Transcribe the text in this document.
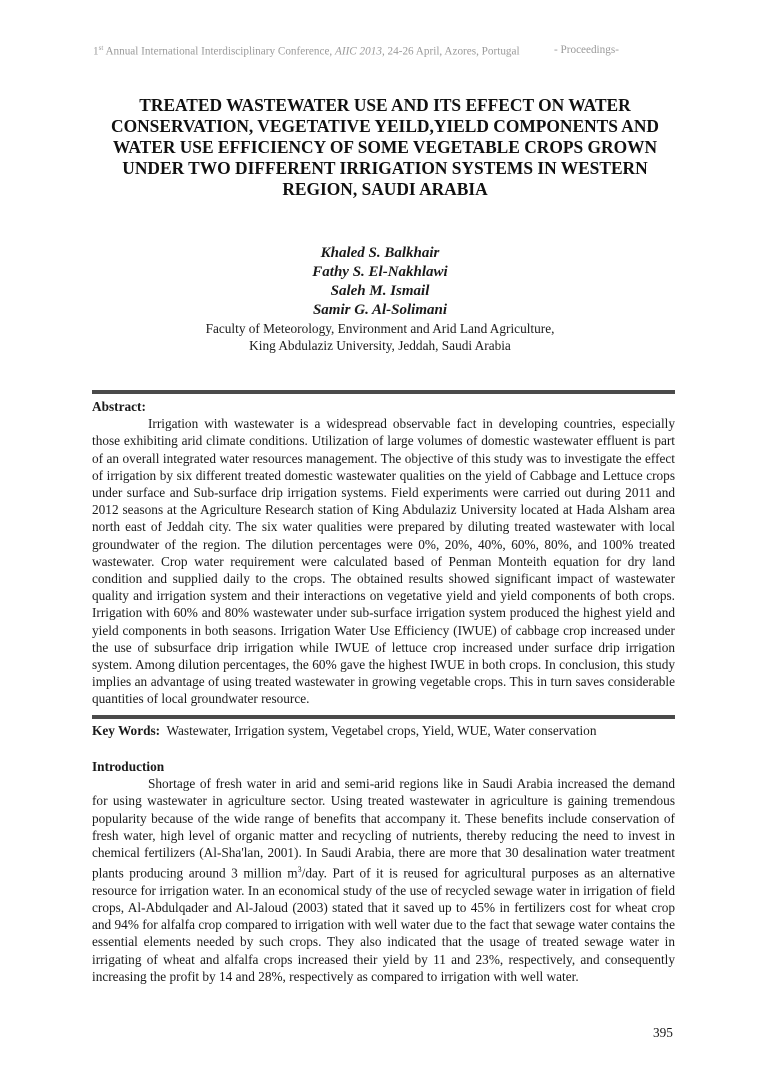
1st Annual International Interdisciplinary Conference, AIIC 2013, 24-26 April, Azores, Portugal	- Proceedings-
TREATED WASTEWATER USE AND ITS EFFECT ON WATER CONSERVATION, VEGETATIVE YEILD,YIELD COMPONENTS AND WATER USE EFFICIENCY OF SOME VEGETABLE CROPS GROWN UNDER TWO DIFFERENT IRRIGATION SYSTEMS IN WESTERN REGION, SAUDI ARABIA
Khaled S. Balkhair
Fathy S. El-Nakhlawi
Saleh M. Ismail
Samir G. Al-Solimani
Faculty of Meteorology, Environment and Arid Land Agriculture,
King Abdulaziz University, Jeddah, Saudi Arabia
Abstract:

Irrigation with wastewater is a widespread observable fact in developing countries, especially those exhibiting arid climate conditions. Utilization of large volumes of domestic wastewater effluent is part of an overall integrated water resources management. The objective of this study was to investigate the effect of irrigation by six different treated domestic wastewater qualities on the yield of Cabbage and Lettuce crops under surface and Sub-surface drip irrigation systems. Field experiments were carried out during 2011 and 2012 seasons at the Agriculture Research station of King Abdulaziz University located at Hada Alsham area north east of Jeddah city. The six water qualities were prepared by diluting treated wastewater with local groundwater of the region. The dilution percentages were 0%, 20%, 40%, 60%, 80%, and 100% treated wastewater. Crop water requirement were calculated based of Penman Monteith equation for dry land condition and supplied daily to the crops. The obtained results showed significant impact of wastewater quality and irrigation system and their interactions on vegetative yield and yield components of both crops. Irrigation with 60% and 80% wastewater under sub-surface irrigation system produced the highest yield and yield components in both seasons. Irrigation Water Use Efficiency (IWUE) of cabbage crop increased under the use of subsurface drip irrigation while IWUE of lettuce crop increased under surface drip irrigation system. Among dilution percentages, the 60% gave the highest IWUE in both crops. In conclusion, this study implies an advantage of using treated wastewater in growing vegetable crops. This in turn saves considerable quantities of local groundwater resource.

Key Words: Wastewater, Irrigation system, Vegetabel crops, Yield, WUE, Water conservation
Introduction

Shortage of fresh water in arid and semi-arid regions like in Saudi Arabia increased the demand for using wastewater in agriculture sector. Using treated wastewater in agriculture is gaining tremendous popularity because of the wide range of benefits that accompany it. These benefits include conservation of fresh water, high level of organic matter and recycling of nutrients, thereby reducing the need to invest in chemical fertilizers (Al-Sha'lan, 2001). In Saudi Arabia, there are more that 30 desalination water treatment plants producing around 3 million $m^3$/day. Part of it is reused for agricultural purposes as an alternative resource for irrigation water. In an economical study of the use of recycled sewage water in irrigation of field crops, Al-Abdulqader and Al-Jaloud (2003) stated that it saved up to 45% in fertilizers cost for wheat crop and 94% for alfalfa crop compared to irrigation with well water due to the fact that sewage water contains the essential elements needed by such crops. They also indicated that the usage of treated sewage water in irrigating of wheat and alfalfa crops increased their yield by 11 and 23%, respectively, and consequently increasing the profit by 14 and 28%, respectively as compared to irrigation with well water.

395
